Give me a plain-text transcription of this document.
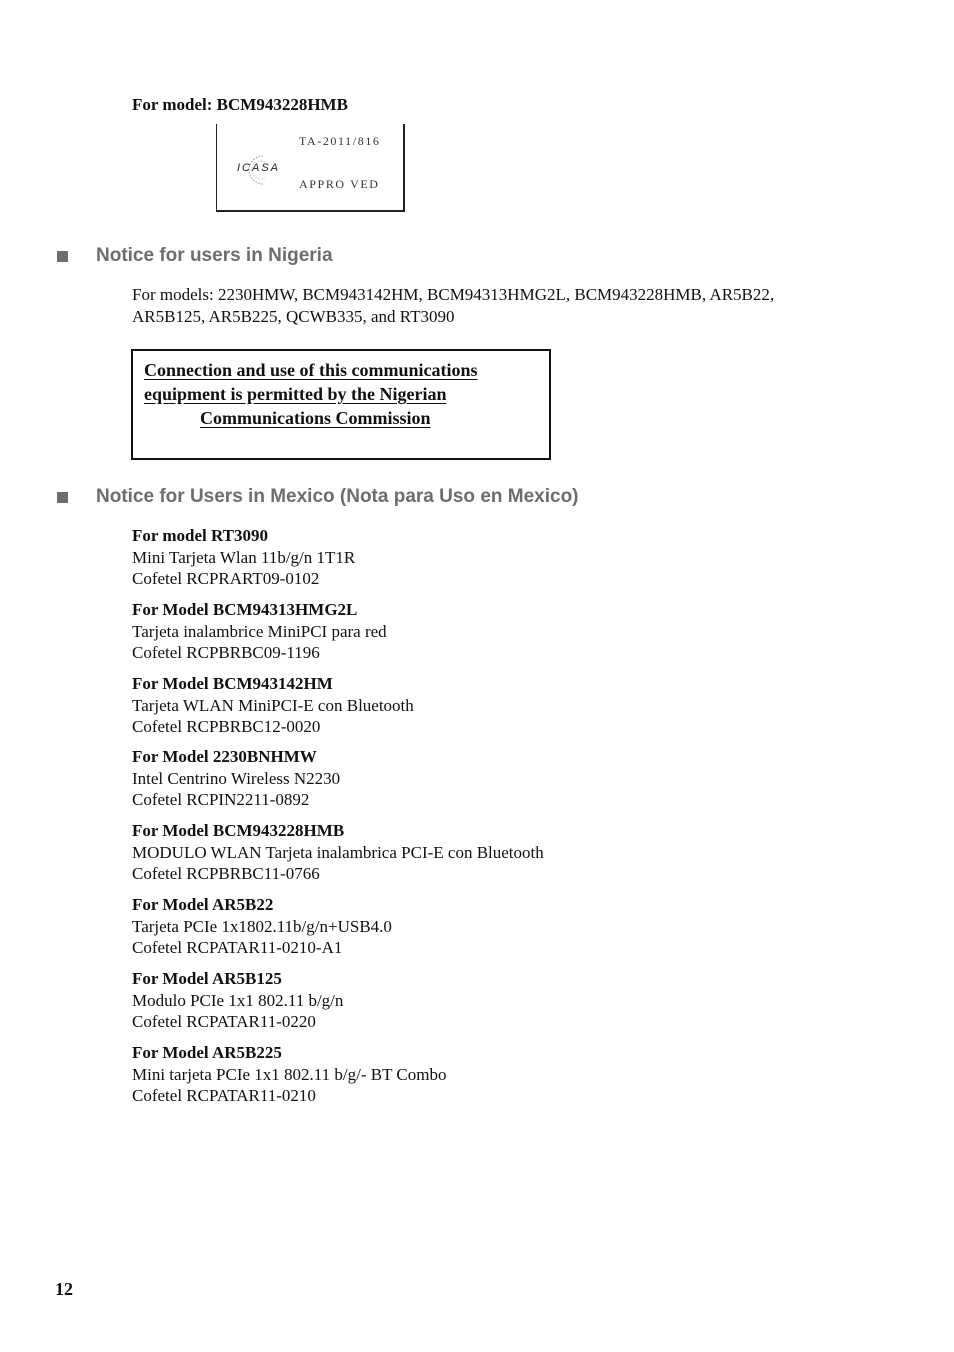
For model: BCM943228HMB
ICASA
TA-2011/816
APPRO VED
Notice for users in Nigeria
For models: 2230HMW, BCM943142HM, BCM94313HMG2L, BCM943228HMB, AR5B22,
AR5B125, AR5B225, QCWB335, and RT3090
Connection and use of this communications
equipment is permitted by the Nigerian
Communications Commission
Notice for Users in Mexico (Nota para Uso en Mexico)
For model RT3090
Mini Tarjeta Wlan 11b/g/n 1T1R
Cofetel RCPRART09-0102
For Model BCM94313HMG2L
Tarjeta inalambrice MiniPCI para red
Cofetel RCPBRBC09-1196
For Model BCM943142HM
Tarjeta WLAN MiniPCI-E con Bluetooth
Cofetel RCPBRBC12-0020
For Model 2230BNHMW
Intel Centrino Wireless N2230
Cofetel RCPIN2211-0892
For Model BCM943228HMB
MODULO WLAN Tarjeta inalambrica PCI-E con Bluetooth
Cofetel RCPBRBC11-0766
For Model AR5B22
Tarjeta PCIe 1x1802.11b/g/n+USB4.0
Cofetel RCPATAR11-0210-A1
For Model AR5B125
Modulo PCIe 1x1 802.11 b/g/n
Cofetel RCPATAR11-0220
For Model AR5B225
Mini tarjeta PCIe 1x1 802.11 b/g/- BT Combo
Cofetel RCPATAR11-0210
12
